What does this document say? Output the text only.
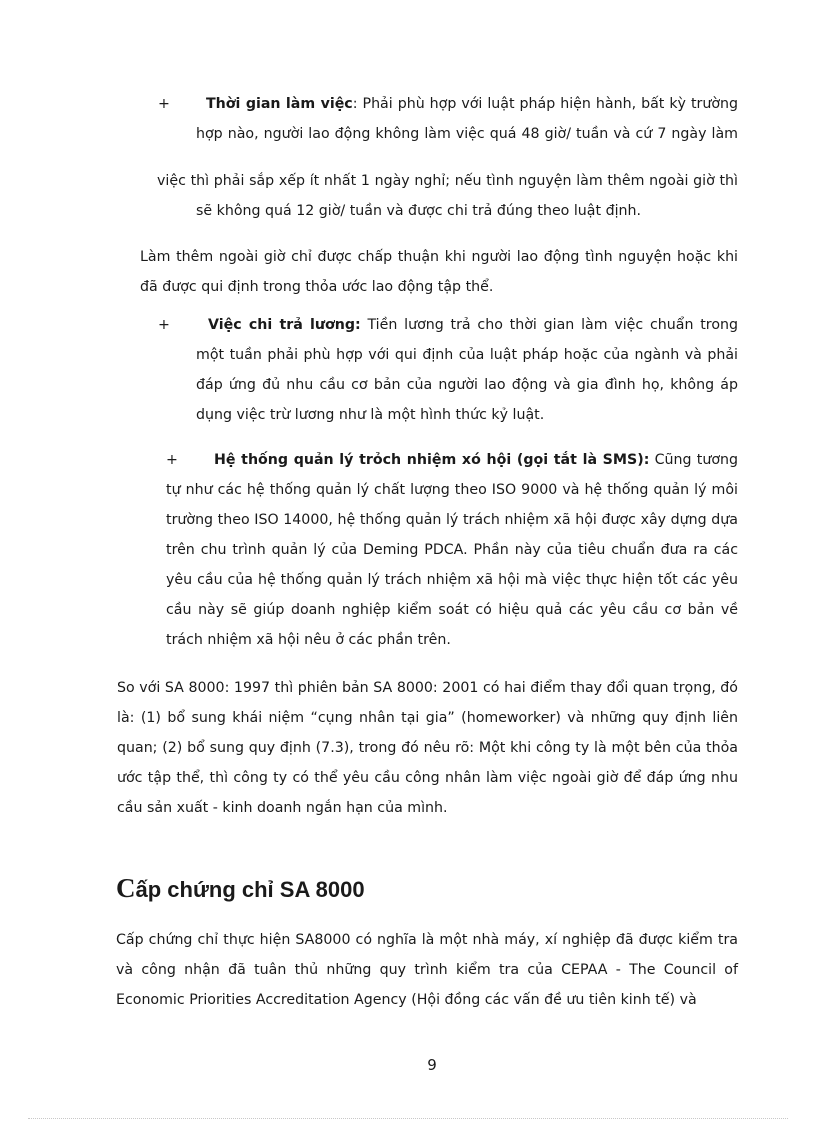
+	Thời gian làm việc: Phải phù hợp với luật pháp hiện hành, bất kỳ trường

hợp nào, người lao động không làm việc quá 48 giờ/ tuần và cứ 7 ngày làm

việc thì phải sắp xếp ít nhất 1 ngày nghỉ; nếu tình nguyện làm thêm ngoài giờ thì

sẽ không quá 12 giờ/ tuần và được chi trả đúng theo luật định.

Làm thêm ngoài giờ chỉ được chấp thuận khi người lao động tình nguyện hoặc khi đã được qui định trong thỏa ước lao động tập thể.

+	Việc chi trả lương: Tiền lương trả cho thời gian làm việc chuẩn trong một tuần phải phù hợp với qui định của luật pháp hoặc của ngành và phải đáp ứng đủ nhu cầu cơ bản của người lao động và gia đình họ, không áp dụng việc trừ lương như là một hình thức kỷ luật.

+	Hệ thống quản lý trỏch nhiệm xó hội (gọi tắt là SMS): Cũng tương tự như các hệ thống quản lý chất lượng theo ISO 9000 và hệ thống quản lý môi trường theo ISO 14000, hệ thống quản lý trách nhiệm xã hội được xây dựng dựa trên chu trình quản lý của Deming PDCA. Phần này của tiêu chuẩn đưa ra các yêu cầu của hệ thống quản lý trách nhiệm xã hội mà việc thực hiện tốt các yêu cầu này sẽ giúp doanh nghiệp kiểm soát có hiệu quả các yêu cầu cơ bản về trách nhiệm xã hội nêu ở các phần trên.

So với SA 8000: 1997 thì phiên bản SA 8000: 2001 có hai điểm thay đổi quan trọng, đó là: (1) bổ sung khái niệm “cụng nhân tại gia” (homeworker) và những quy định liên quan; (2) bổ sung quy định (7.3), trong đó nêu rõ: Một khi công ty là một bên của thỏa ước tập thể, thì công ty có thể yêu cầu công nhân làm việc ngoài giờ để đáp ứng nhu cầu sản xuất - kinh doanh ngắn hạn của mình.

Cấp chứng chỉ SA 8000

Cấp chứng chỉ thực hiện SA8000 có nghĩa là một nhà máy, xí nghiệp đã được kiểm tra và công nhận đã tuân thủ những quy trình kiểm tra của CEPAA - The Council of Economic Priorities Accreditation Agency (Hội đồng các vấn đề ưu tiên kinh tế) và

9
